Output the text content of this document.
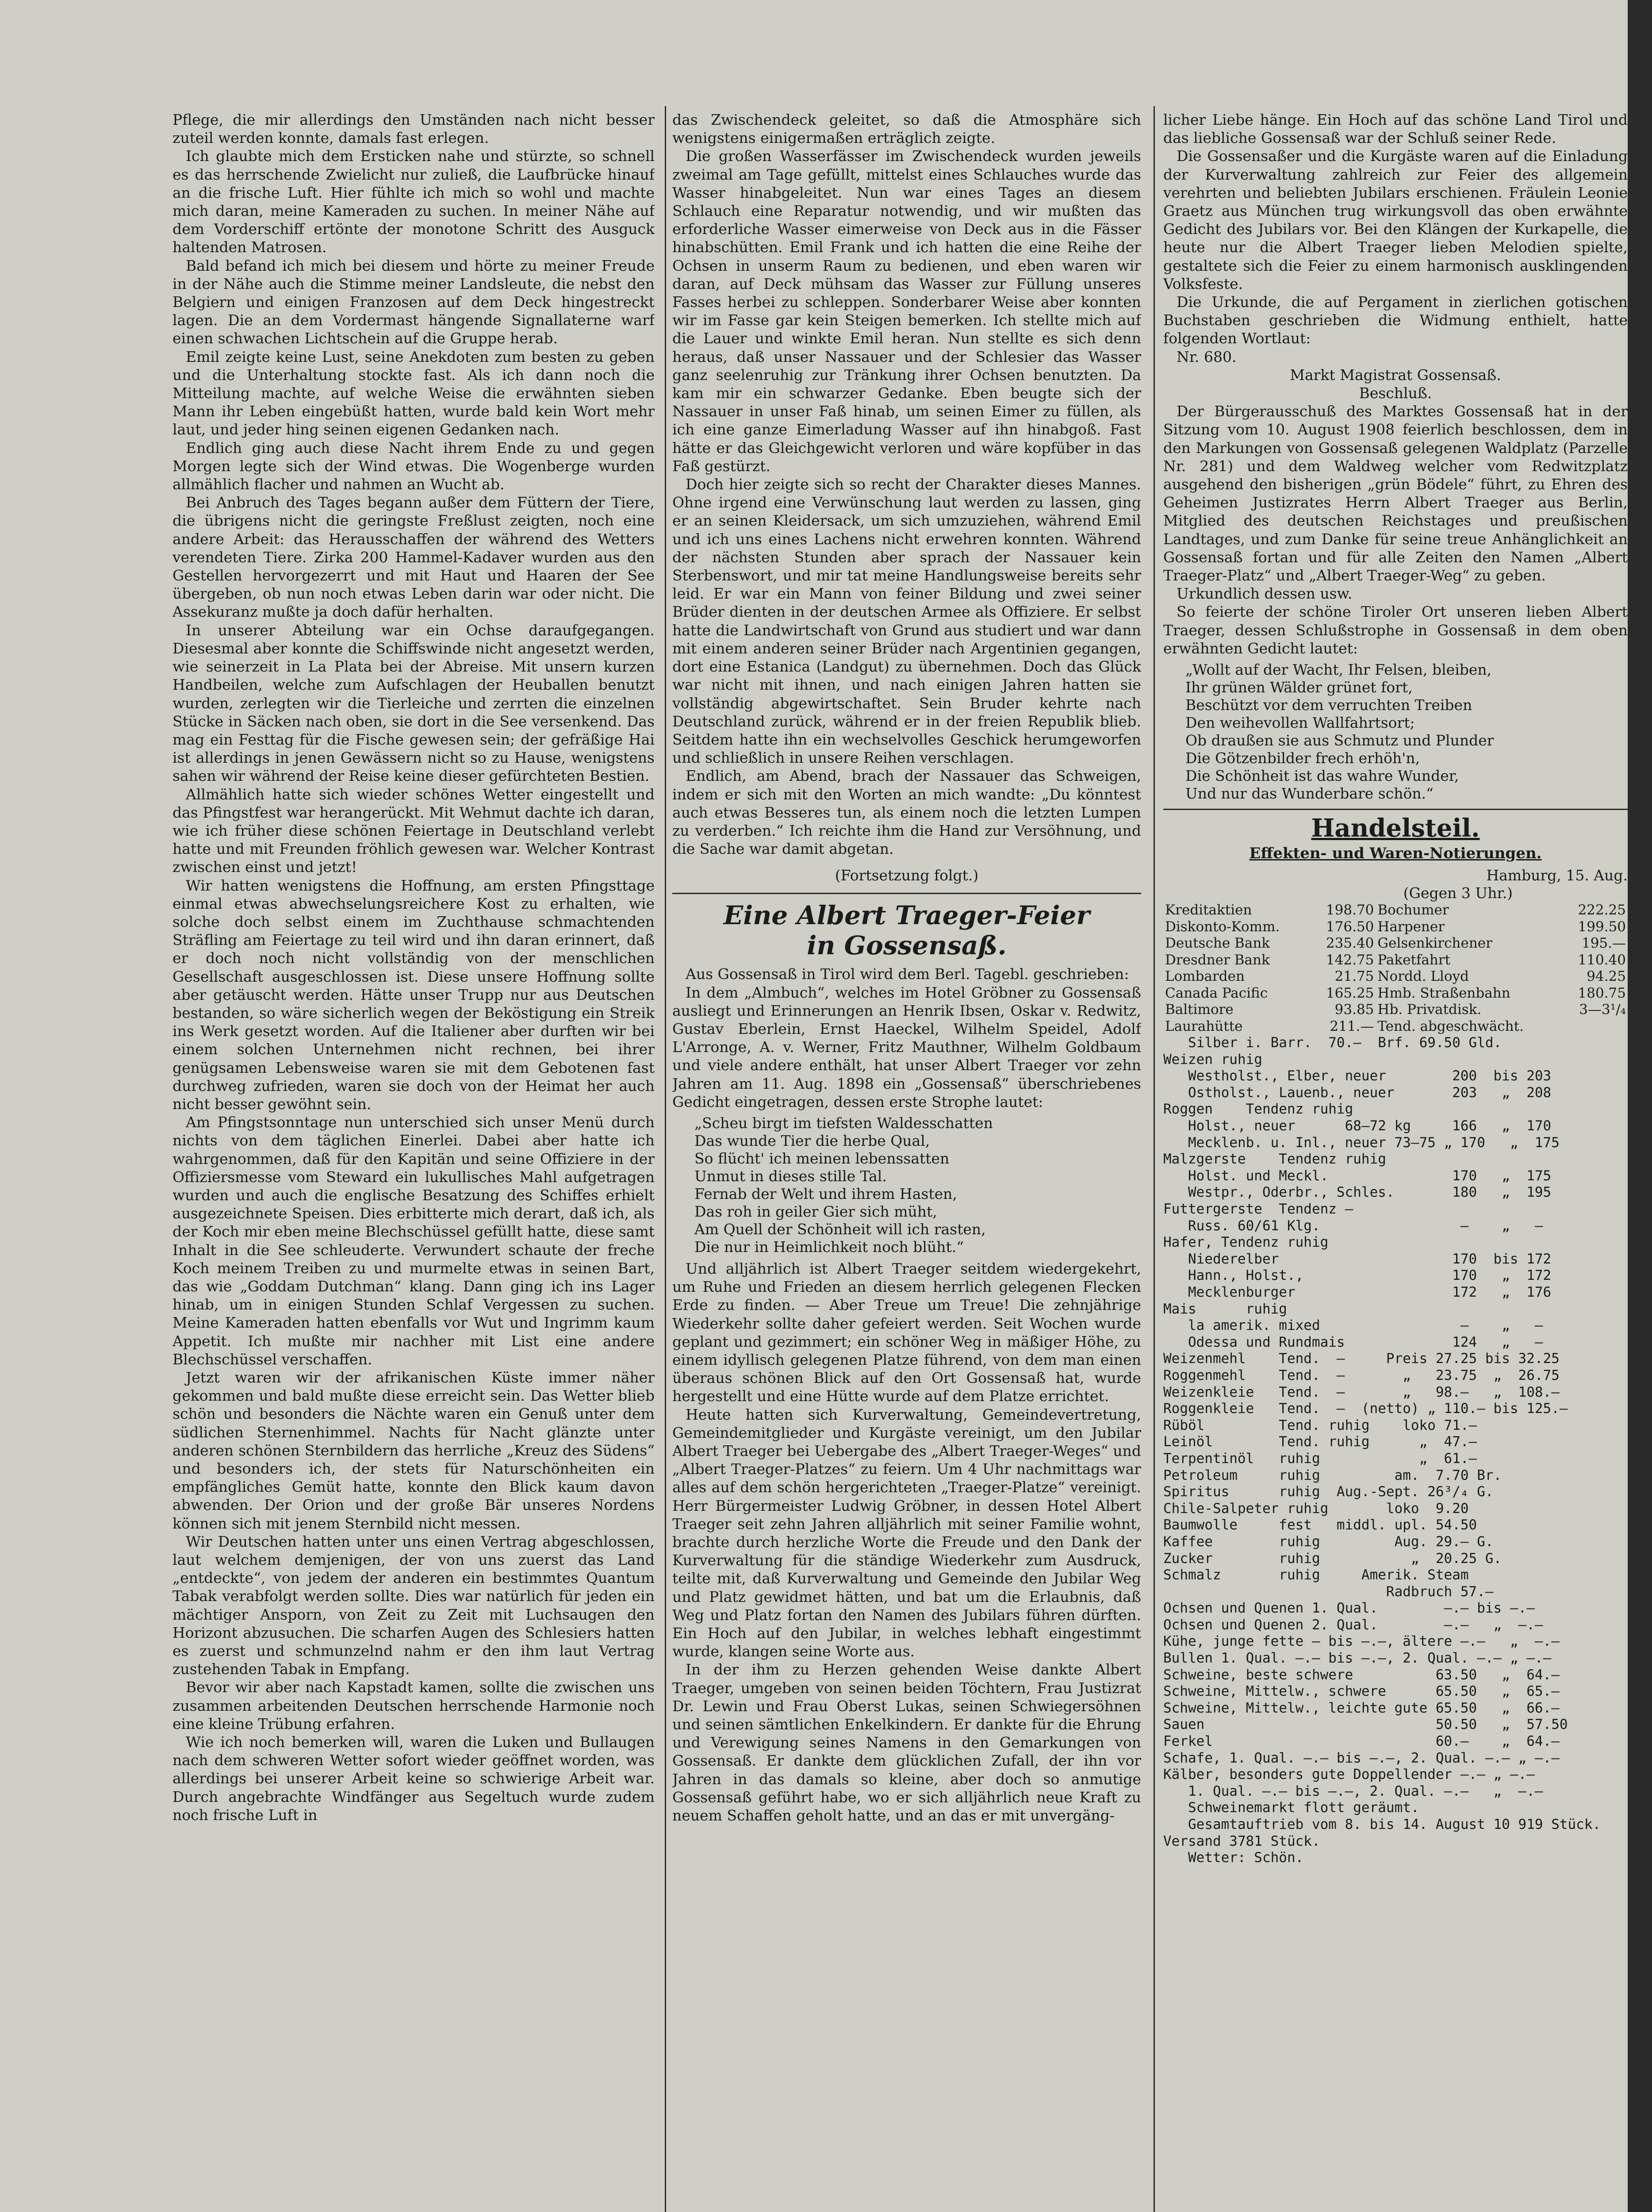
Pflege, die mir allerdings den Umständen nach nicht besser zuteil werden konnte, damals fast erlegen.

Ich glaubte mich dem Ersticken nahe und stürzte, so schnell es das herrschende Zwielicht nur zuließ, die Laufbrücke hinauf an die frische Luft. Hier fühlte ich mich so wohl und machte mich daran, meine Kameraden zu suchen. In meiner Nähe auf dem Vorderschiff ertönte der monotone Schritt des Ausguck haltenden Matrosen.

Bald befand ich mich bei diesem und hörte zu meiner Freude in der Nähe auch die Stimme meiner Landsleute, die nebst den Belgiern und einigen Franzosen auf dem Deck hingestreckt lagen. Die an dem Vordermast hängende Signallaterne warf einen schwachen Lichtschein auf die Gruppe herab.

Emil zeigte keine Lust, seine Anekdoten zum besten zu geben und die Unterhaltung stockte fast. Als ich dann noch die Mitteilung machte, auf welche Weise die erwähnten sieben Mann ihr Leben eingebüßt hatten, wurde bald kein Wort mehr laut, und jeder hing seinen eigenen Gedanken nach.

Endlich ging auch diese Nacht ihrem Ende zu und gegen Morgen legte sich der Wind etwas. Die Wogenberge wurden allmählich flacher und nahmen an Wucht ab.

Bei Anbruch des Tages begann außer dem Füttern der Tiere, die übrigens nicht die geringste Freßlust zeigten, noch eine andere Arbeit: das Herausschaffen der während des Wetters verendeten Tiere. Zirka 200 Hammel-Kadaver wurden aus den Gestellen hervorgezerrt und mit Haut und Haaren der See übergeben, ob nun noch etwas Leben darin war oder nicht. Die Assekuranz mußte ja doch dafür herhalten.

In unserer Abteilung war ein Ochse daraufgegangen. Diesesmal aber konnte die Schiffswinde nicht angesetzt werden, wie seinerzeit in La Plata bei der Abreise. Mit unsern kurzen Handbeilen, welche zum Aufschlagen der Heuballen benutzt wurden, zerlegten wir die Tierleiche und zerrten die einzelnen Stücke in Säcken nach oben, sie dort in die See versenkend. Das mag ein Festtag für die Fische gewesen sein; der gefräßige Hai ist allerdings in jenen Gewässern nicht so zu Hause, wenigstens sahen wir während der Reise keine dieser gefürchteten Bestien.

Allmählich hatte sich wieder schönes Wetter eingestellt und das Pfingstfest war herangerückt. Mit Wehmut dachte ich daran, wie ich früher diese schönen Feiertage in Deutschland verlebt hatte und mit Freunden fröhlich gewesen war. Welcher Kontrast zwischen einst und jetzt!

Wir hatten wenigstens die Hoffnung, am ersten Pfingsttage einmal etwas abwechselungsreichere Kost zu erhalten, wie solche doch selbst einem im Zuchthause schmachtenden Sträfling am Feiertage zu teil wird und ihn daran erinnert, daß er doch noch nicht vollständig von der menschlichen Gesellschaft ausgeschlossen ist. Diese unsere Hoffnung sollte aber getäuscht werden. Hätte unser Trupp nur aus Deutschen bestanden, so wäre sicherlich wegen der Beköstigung ein Streik ins Werk gesetzt worden. Auf die Italiener aber durften wir bei einem solchen Unternehmen nicht rechnen, bei ihrer genügsamen Lebensweise waren sie mit dem Gebotenen fast durchweg zufrieden, waren sie doch von der Heimat her auch nicht besser gewöhnt sein.

Am Pfingstsonntage nun unterschied sich unser Menü durch nichts von dem täglichen Einerlei. Dabei aber hatte ich wahrgenommen, daß für den Kapitän und seine Offiziere in der Offiziersmesse vom Steward ein lukullisches Mahl aufgetragen wurden und auch die englische Besatzung des Schiffes erhielt ausgezeichnete Speisen. Dies erbitterte mich derart, daß ich, als der Koch mir eben meine Blechschüssel gefüllt hatte, diese samt Inhalt in die See schleuderte. Verwundert schaute der freche Koch meinem Treiben zu und murmelte etwas in seinen Bart, das wie „Goddam Dutchman“ klang. Dann ging ich ins Lager hinab, um in einigen Stunden Schlaf Vergessen zu suchen. Meine Kameraden hatten ebenfalls vor Wut und Ingrimm kaum Appetit. Ich mußte mir nachher mit List eine andere Blechschüssel verschaffen.

Jetzt waren wir der afrikanischen Küste immer näher gekommen und bald mußte diese erreicht sein. Das Wetter blieb schön und besonders die Nächte waren ein Genuß unter dem südlichen Sternenhimmel. Nachts für Nacht glänzte unter anderen schönen Sternbildern das herrliche „Kreuz des Südens“ und besonders ich, der stets für Naturschönheiten ein empfängliches Gemüt hatte, konnte den Blick kaum davon abwenden. Der Orion und der große Bär unseres Nordens können sich mit jenem Sternbild nicht messen.

Wir Deutschen hatten unter uns einen Vertrag abgeschlossen, laut welchem demjenigen, der von uns zuerst das Land „entdeckte“, von jedem der anderen ein bestimmtes Quantum Tabak verabfolgt werden sollte. Dies war natürlich für jeden ein mächtiger Ansporn, von Zeit zu Zeit mit Luchsaugen den Horizont abzusuchen. Die scharfen Augen des Schlesiers hatten es zuerst und schmunzelnd nahm er den ihm laut Vertrag zustehenden Tabak in Empfang.

Bevor wir aber nach Kapstadt kamen, sollte die zwischen uns zusammen arbeitenden Deutschen herrschende Harmonie noch eine kleine Trübung erfahren.

Wie ich noch bemerken will, waren die Luken und Bullaugen nach dem schweren Wetter sofort wieder geöffnet worden, was allerdings bei unserer Arbeit keine so schwierige Arbeit war. Durch angebrachte Windfänger aus Segeltuch wurde zudem noch frische Luft in

das Zwischendeck geleitet, so daß die Atmosphäre sich wenigstens einigermaßen erträglich zeigte.

Die großen Wasserfässer im Zwischendeck wurden jeweils zweimal am Tage gefüllt, mittelst eines Schlauches wurde das Wasser hinabgeleitet. Nun war eines Tages an diesem Schlauch eine Reparatur notwendig, und wir mußten das erforderliche Wasser eimerweise von Deck aus in die Fässer hinabschütten. Emil Frank und ich hatten die eine Reihe der Ochsen in unserm Raum zu bedienen, und eben waren wir daran, auf Deck mühsam das Wasser zur Füllung unseres Fasses herbei zu schleppen. Sonderbarer Weise aber konnten wir im Fasse gar kein Steigen bemerken. Ich stellte mich auf die Lauer und winkte Emil heran. Nun stellte es sich denn heraus, daß unser Nassauer und der Schlesier das Wasser ganz seelenruhig zur Tränkung ihrer Ochsen benutzten. Da kam mir ein schwarzer Gedanke. Eben beugte sich der Nassauer in unser Faß hinab, um seinen Eimer zu füllen, als ich eine ganze Eimerladung Wasser auf ihn hinabgoß. Fast hätte er das Gleichgewicht verloren und wäre kopfüber in das Faß gestürzt.

Doch hier zeigte sich so recht der Charakter dieses Mannes. Ohne irgend eine Verwünschung laut werden zu lassen, ging er an seinen Kleidersack, um sich umzuziehen, während Emil und ich uns eines Lachens nicht erwehren konnten. Während der nächsten Stunden aber sprach der Nassauer kein Sterbenswort, und mir tat meine Handlungsweise bereits sehr leid. Er war ein Mann von feiner Bildung und zwei seiner Brüder dienten in der deutschen Armee als Offiziere. Er selbst hatte die Landwirtschaft von Grund aus studiert und war dann mit einem anderen seiner Brüder nach Argentinien gegangen, dort eine Estanica (Landgut) zu übernehmen. Doch das Glück war nicht mit ihnen, und nach einigen Jahren hatten sie vollständig abgewirtschaftet. Sein Bruder kehrte nach Deutschland zurück, während er in der freien Republik blieb. Seitdem hatte ihn ein wechselvolles Geschick herumgeworfen und schließlich in unsere Reihen verschlagen.

Endlich, am Abend, brach der Nassauer das Schweigen, indem er sich mit den Worten an mich wandte: „Du könntest auch etwas Besseres tun, als einem noch die letzten Lumpen zu verderben.“ Ich reichte ihm die Hand zur Versöhnung, und die Sache war damit abgetan.

(Fortsetzung folgt.)
Eine Albert Traeger-Feier
in Gossensaß.

Aus Gossensaß in Tirol wird dem Berl. Tagebl. geschrieben:

In dem „Almbuch“, welches im Hotel Gröbner zu Gossensaß ausliegt und Erinnerungen an Henrik Ibsen, Oskar v. Redwitz, Gustav Eberlein, Ernst Haeckel, Wilhelm Speidel, Adolf L'Arronge, A. v. Werner, Fritz Mauthner, Wilhelm Goldbaum und viele andere enthält, hat unser Albert Traeger vor zehn Jahren am 11. Aug. 1898 ein „Gossensaß“ überschriebenes Gedicht eingetragen, dessen erste Strophe lautet:

„Scheu birgt im tiefsten Waldesschatten
Das wunde Tier die herbe Qual,
So flücht' ich meinen lebenssatten
Unmut in dieses stille Tal.
Fernab der Welt und ihrem Hasten,
Das roh in geiler Gier sich müht,
Am Quell der Schönheit will ich rasten,
Die nur in Heimlichkeit noch blüht.“

Und alljährlich ist Albert Traeger seitdem wiedergekehrt, um Ruhe und Frieden an diesem herrlich gelegenen Flecken Erde zu finden. — Aber Treue um Treue! Die zehnjährige Wiederkehr sollte daher gefeiert werden. Seit Wochen wurde geplant und gezimmert; ein schöner Weg in mäßiger Höhe, zu einem idyllisch gelegenen Platze führend, von dem man einen überaus schönen Blick auf den Ort Gossensaß hat, wurde hergestellt und eine Hütte wurde auf dem Platze errichtet.

Heute hatten sich Kurverwaltung, Gemeindevertretung, Gemeindemitglieder und Kurgäste vereinigt, um den Jubilar Albert Traeger bei Uebergabe des „Albert Traeger-Weges“ und „Albert Traeger-Platzes“ zu feiern. Um 4 Uhr nachmittags war alles auf dem schön hergerichteten „Traeger-Platze“ vereinigt. Herr Bürgermeister Ludwig Gröbner, in dessen Hotel Albert Traeger seit zehn Jahren alljährlich mit seiner Familie wohnt, brachte durch herzliche Worte die Freude und den Dank der Kurverwaltung für die ständige Wiederkehr zum Ausdruck, teilte mit, daß Kurverwaltung und Gemeinde den Jubilar Weg und Platz gewidmet hätten, und bat um die Erlaubnis, daß Weg und Platz fortan den Namen des Jubilars führen dürften. Ein Hoch auf den Jubilar, in welches lebhaft eingestimmt wurde, klangen seine Worte aus.

In der ihm zu Herzen gehenden Weise dankte Albert Traeger, umgeben von seinen beiden Töchtern, Frau Justizrat Dr. Lewin und Frau Oberst Lukas, seinen Schwiegersöhnen und seinen sämtlichen Enkelkindern. Er dankte für die Ehrung und Verewigung seines Namens in den Gemarkungen von Gossensaß. Er dankte dem glücklichen Zufall, der ihn vor Jahren in das damals so kleine, aber doch so anmutige Gossensaß geführt habe, wo er sich alljährlich neue Kraft zu neuem Schaffen geholt hatte, und an das er mit unvergäng-

licher Liebe hänge. Ein Hoch auf das schöne Land Tirol und das liebliche Gossensaß war der Schluß seiner Rede.

Die Gossensaßer und die Kurgäste waren auf die Einladung der Kurverwaltung zahlreich zur Feier des allgemein verehrten und beliebten Jubilars erschienen. Fräulein Leonie Graetz aus München trug wirkungsvoll das oben erwähnte Gedicht des Jubilars vor. Bei den Klängen der Kurkapelle, die heute nur die Albert Traeger lieben Melodien spielte, gestaltete sich die Feier zu einem harmonisch ausklingenden Volksfeste.

Die Urkunde, die auf Pergament in zierlichen gotischen Buchstaben geschrieben die Widmung enthielt, hatte folgenden Wortlaut:

Nr. 680.

Markt Magistrat Gossensaß.
Beschluß.

Der Bürgerausschuß des Marktes Gossensaß hat in der Sitzung vom 10. August 1908 feierlich beschlossen, dem in den Markungen von Gossensaß gelegenen Waldplatz (Parzelle Nr. 281) und dem Waldweg welcher vom Redwitzplatz ausgehend den bisherigen „grün Bödele“ führt, zu Ehren des Geheimen Justizrates Herrn Albert Traeger aus Berlin, Mitglied des deutschen Reichstages und preußischen Landtages, und zum Danke für seine treue Anhänglichkeit an Gossensaß fortan und für alle Zeiten den Namen „Albert Traeger-Platz“ und „Albert Traeger-Weg“ zu geben.

Urkundlich dessen usw.

So feierte der schöne Tiroler Ort unseren lieben Albert Traeger, dessen Schlußstrophe in Gossensaß in dem oben erwähnten Gedicht lautet:

„Wollt auf der Wacht, Ihr Felsen, bleiben,
Ihr grünen Wälder grünet fort,
Beschützt vor dem verruchten Treiben
Den weihevollen Wallfahrtsort;
Ob draußen sie aus Schmutz und Plunder
Die Götzenbilder frech erhöh'n,
Die Schönheit ist das wahre Wunder,
Und nur das Wunderbare schön.“
Handelsteil.
Effekten- und Waren-Notierungen.
Hamburg, 15. Aug.
(Gegen 3 Uhr.)
Kreditaktien	198.70	Bochumer	222.25
Diskonto-Komm.	176.50	Harpener	199.50
Deutsche Bank	235.40	Gelsenkirchener	195.—
Dresdner Bank	142.75	Paketfahrt	110.40
Lombarden	21.75	Nordd. Lloyd	94.25
Canada Pacific	165.25	Hmb. Straßenbahn	180.75
Baltimore	93.85	Hb. Privatdisk.	3—3¹/₄
Laurahütte	211.—	Tend. abgeschwächt.	
Silber i. Barr.  70.—  Brf. 69.50 Gld.
Weizen ruhig
Westholst., Elber, neuer        200  bis 203
Ostholst., Lauenb., neuer       203   „  208
Roggen    Tendenz ruhig
Holst., neuer      68—72 kg     166   „  170
Mecklenb. u. Inl., neuer 73—75 „ 170   „  175
Malzgerste    Tendenz ruhig
Holst. und Meckl.               170   „  175
Westpr., Oderbr., Schles.       180   „  195
Futtergerste  Tendenz —
Russ. 60/61 Klg.                 —    „   —
Hafer, Tendenz ruhig
Niederelber                     170  bis 172
Hann., Holst.,                  170   „  172
Mecklenburger                   172   „  176
Mais      ruhig
la amerik. mixed                 —    „   —
Odessa und Rundmais             124   „   —
Weizenmehl    Tend.  —     Preis 27.25 bis 32.25
Roggenmehl    Tend.  —       „   23.75  „  26.75
Weizenkleie   Tend.  —       „   98.—   „  108.—
Roggenkleie   Tend.  —  (netto) „ 110.— bis 125.—
Rüböl         Tend. ruhig    loko 71.—
Leinöl        Tend. ruhig      „  47.—
Terpentinöl   ruhig            „  61.—
Petroleum     ruhig         am.  7.70 Br.
Spiritus      ruhig  Aug.-Sept. 26³/₄ G.
Chile-Salpeter ruhig       loko  9.20
Baumwolle     fest   middl. upl. 54.50
Kaffee        ruhig         Aug. 29.— G.
Zucker        ruhig           „  20.25 G.
Schmalz       ruhig     Amerik. Steam
Radbruch 57.—
Ochsen und Quenen 1. Qual.        —.— bis —.—
Ochsen und Quenen 2. Qual.        —.—   „  —.—
Kühe, junge fette — bis —.—, ältere —.—   „  —.—
Bullen 1. Qual. —.— bis —.—, 2. Qual. —.— „ —.—
Schweine, beste schwere          63.50   „  64.—
Schweine, Mittelw., schwere      65.50   „  65.—
Schweine, Mittelw., leichte gute 65.50   „  66.—
Sauen                            50.50   „  57.50
Ferkel                           60.—    „  64.—
Schafe, 1. Qual. —.— bis —.—, 2. Qual. —.— „ —.—
Kälber, besonders gute Doppellender —.— „ —.—
1. Qual. —.— bis —.—, 2. Qual. —.—   „  —.—
Schweinemarkt flott geräumt.
Gesamtauftrieb vom 8. bis 14. August 10 919 Stück.
Versand 3781 Stück.
Wetter: Schön.
